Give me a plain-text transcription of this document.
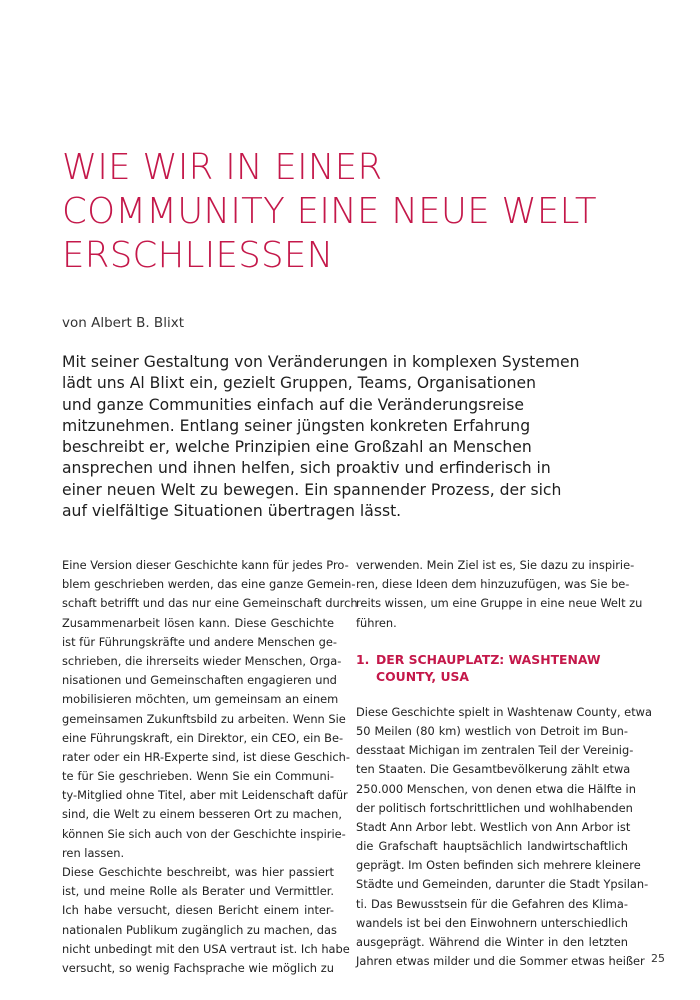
WIE WIR IN EINER
COMMUNITY EINE NEUE WELT
ERSCHLIESSEN

von Albert B. Blixt

Mit seiner Gestaltung von Veränderungen in komplexen Systemen
lädt uns Al Blixt ein, gezielt Gruppen, Teams, Organisationen
und ganze Communities einfach auf die Veränderungsreise
mitzunehmen. Entlang seiner jüngsten konkreten Erfahrung
beschreibt er, welche Prinzipien eine Großzahl an Menschen
ansprechen und ihnen helfen, sich proaktiv und erfinderisch in
einer neuen Welt zu bewegen. Ein spannender Prozess, der sich
auf vielfältige Situationen übertragen lässt.

Eine Version dieser Geschichte kann für jedes Pro-
blem geschrieben werden, das eine ganze Gemein-
schaft betrifft und das nur eine Gemeinschaft durch
Zusammenarbeit lösen kann. Diese Geschichte
ist für Führungskräfte und andere Menschen ge-
schrieben, die ihrerseits wieder Menschen, Orga-
nisationen und Gemeinschaften engagieren und
mobilisieren möchten, um gemeinsam an einem
gemeinsamen Zukunftsbild zu arbeiten. Wenn Sie
eine Führungskraft, ein Direktor, ein CEO, ein Be-
rater oder ein HR-Experte sind, ist diese Geschich-
te für Sie geschrieben. Wenn Sie ein Communi-
ty-Mitglied ohne Titel, aber mit Leidenschaft dafür
sind, die Welt zu einem besseren Ort zu machen,
können Sie sich auch von der Geschichte inspirie-
ren lassen.
Diese Geschichte beschreibt, was hier passiert
ist, und meine Rolle als Berater und Vermittler.
Ich habe versucht, diesen Bericht einem inter-
nationalen Publikum zugänglich zu machen, das
nicht unbedingt mit den USA vertraut ist. Ich habe
versucht, so wenig Fachsprache wie möglich zu
verwenden. Mein Ziel ist es, Sie dazu zu inspirie-
ren, diese Ideen dem hinzuzufügen, was Sie be-
reits wissen, um eine Gruppe in eine neue Welt zu
führen.
1. DER SCHAUPLATZ: WASHTENAW
COUNTY, USA
Diese Geschichte spielt in Washtenaw County, etwa
50 Meilen (80 km) westlich von Detroit im Bun-
desstaat Michigan im zentralen Teil der Vereinig-
ten Staaten. Die Gesamtbevölkerung zählt etwa
250.000 Menschen, von denen etwa die Hälfte in
der politisch fortschrittlichen und wohlhabenden
Stadt Ann Arbor lebt. Westlich von Ann Arbor ist
die Grafschaft hauptsächlich landwirtschaftlich
geprägt. Im Osten befinden sich mehrere kleinere
Städte und Gemeinden, darunter die Stadt Ypsilan-
ti. Das Bewusstsein für die Gefahren des Klima-
wandels ist bei den Einwohnern unterschiedlich
ausgeprägt. Während die Winter in den letzten
Jahren etwas milder und die Sommer etwas heißer 25
